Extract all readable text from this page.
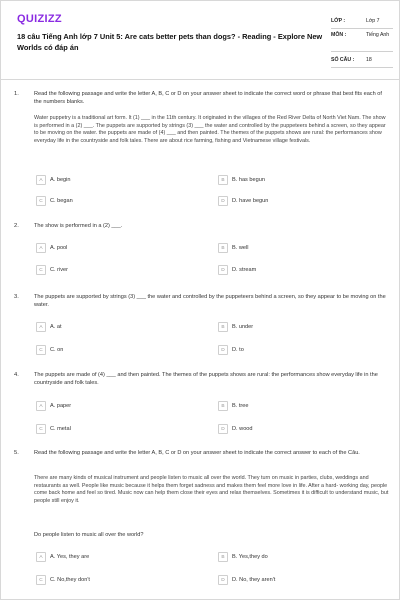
QUIZIZZ
18 câu Tiếng Anh lớp 7 Unit 5: Are cats better pets than dogs? - Reading - Explore New Worlds có đáp án
LỚP :	Lớp 7
MÔN :	Tiếng Anh
SỐ CÂU : 18
1.	Read the following passage and write the letter A, B, C or D on your answer sheet to indicate the correct word or phrase that best fits each of the numbers blanks.
Water puppetry is a traditional art form. It (1) ___ in the 11th century. It originated in the villages of the Red River Delta of North Viet Nam. The show is performed in a (2) ___. The puppets are supported by strings (3) ___ the water and controlled by the puppeteers behind a screen, so they appear to be moving on the water. the puppets are made of (4) ___ and then painted. The themes of the puppets shows are rural: the performances show everyday life in the countryside and folk tales. There are about rice farming, fishing and Vietnamese village festivals.
A	A. begin	B	B. has begun
C	C. began	D	D. have begun
2.	The show is performed in a (2) ___.
A	A. pool	B	B. well
C	C. river	D	D. stream
3.	The puppets are supported by strings (3) ___ the water and controlled by the puppeteers behind a screen, so they appear to be moving on the water.
A	A. at	B	B. under
C	C. on	D	D. to
4.	The puppets are made of (4) ___ and then painted. The themes of the puppets shows are rural: the performances show everyday life in the countryside and folk tales.
A	A. paper	B	B. tree
C	C. metal	D	D. wood
5.	Read the following passage and write the letter A, B, C or D on your answer sheet to indicate the correct answer to each of the Câu.
There are many kinds of musical instrument and people listen to music all over the world. They turn on music in parties, clubs, weddings and restaurants as well. People like music because it helps them forget sadness and makes them feel more love in life. After a hard- working day, people come back home and feel so tired. Music now can help them close their eyes and relax themselves. Sometimes it is difficult to understand music, but people still enjoy it.
Do people listen to music all over the world?
A	A. Yes, they are	B	B. Yes,they do
C	C. No,they don't	D	D. No, they aren't
